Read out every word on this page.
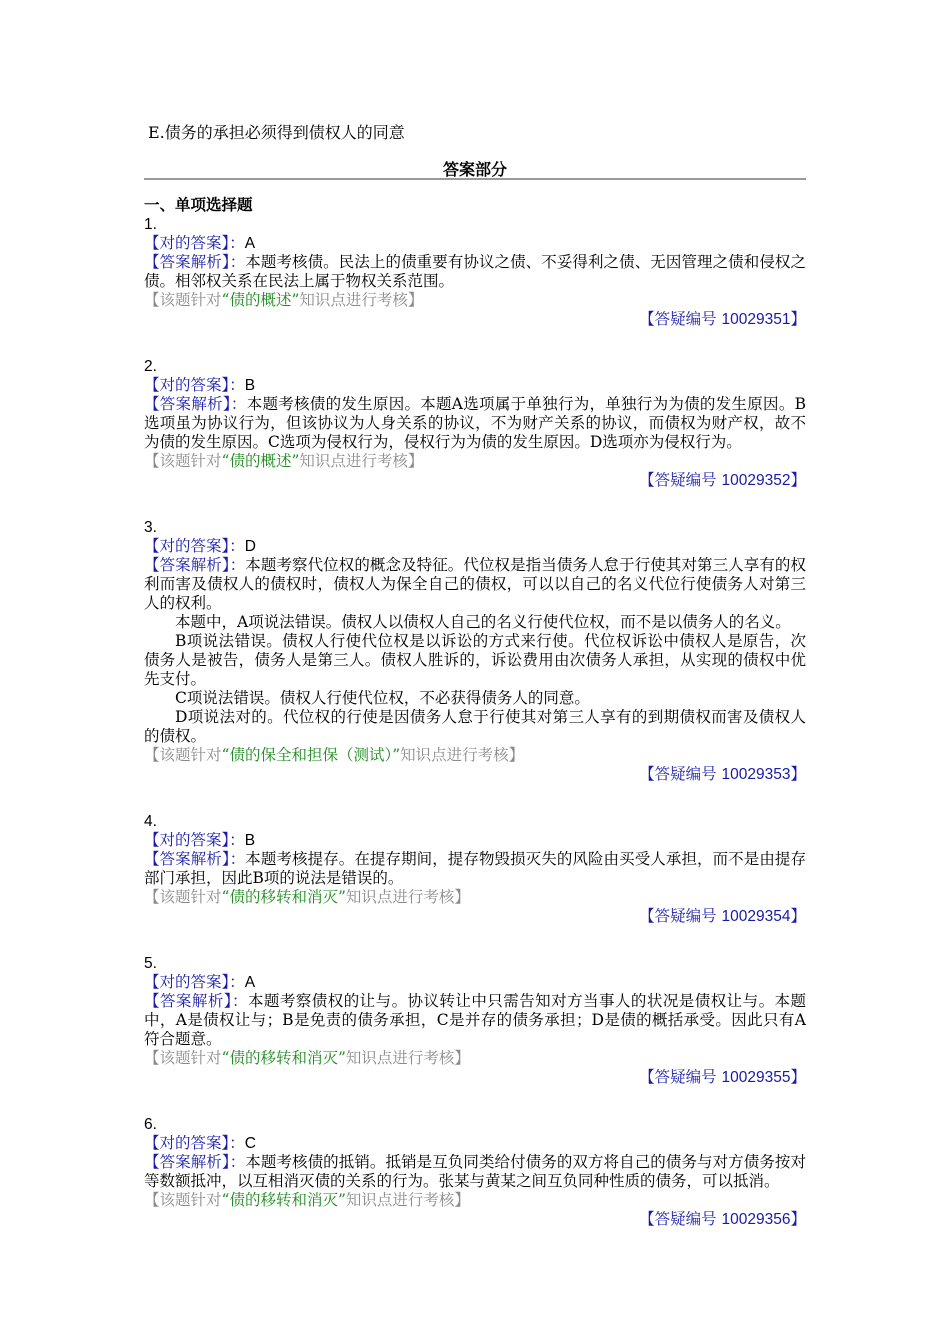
E.债务的承担必须得到债权人的同意
答案部分
一、单项选择题
1.
【对的答案】：A
【答案解析】：本题考核债。民法上的债重要有协议之债、不妥得利之债、无因管理之债和侵权之债。相邻权关系在民法上属于物权关系范围。
【该题针对“债的概述”知识点进行考核】
【答疑编号 10029351】
2.
【对的答案】：B
【答案解析】：本题考核债的发生原因。本题A选项属于单独行为，单独行为为债的发生原因。B选项虽为协议行为，但该协议为人身关系的协议，不为财产关系的协议，而债权为财产权，故不为债的发生原因。C选项为侵权行为，侵权行为为债的发生原因。D选项亦为侵权行为。
【该题针对“债的概述”知识点进行考核】
【答疑编号 10029352】
3.
【对的答案】：D
【答案解析】：本题考察代位权的概念及特征。代位权是指当债务人怠于行使其对第三人享有的权利而害及债权人的债权时，债权人为保全自己的债权，可以以自己的名义代位行使债务人对第三人的权利。
本题中，A项说法错误。债权人以债权人自己的名义行使代位权，而不是以债务人的名义。
B项说法错误。债权人行使代位权是以诉讼的方式来行使。代位权诉讼中债权人是原告，次债务人是被告，债务人是第三人。债权人胜诉的，诉讼费用由次债务人承担，从实现的债权中优先支付。
C项说法错误。债权人行使代位权，不必获得债务人的同意。
D项说法对的。代位权的行使是因债务人怠于行使其对第三人享有的到期债权而害及债权人的债权。
【该题针对“债的保全和担保（测试）”知识点进行考核】
【答疑编号 10029353】
4.
【对的答案】：B
【答案解析】：本题考核提存。在提存期间，提存物毁损灭失的风险由买受人承担，而不是由提存部门承担，因此B项的说法是错误的。
【该题针对“债的移转和消灭”知识点进行考核】
【答疑编号 10029354】
5.
【对的答案】：A
【答案解析】：本题考察债权的让与。协议转让中只需告知对方当事人的状况是债权让与。本题中，A是债权让与；B是免责的债务承担，C是并存的债务承担；D是债的概括承受。因此只有A符合题意。
【该题针对“债的移转和消灭”知识点进行考核】
【答疑编号 10029355】
6.
【对的答案】：C
【答案解析】：本题考核债的抵销。抵销是互负同类给付债务的双方将自己的债务与对方债务按对等数额抵冲，以互相消灭债的关系的行为。张某与黄某之间互负同种性质的债务，可以抵消。
【该题针对“债的移转和消灭”知识点进行考核】
【答疑编号 10029356】
